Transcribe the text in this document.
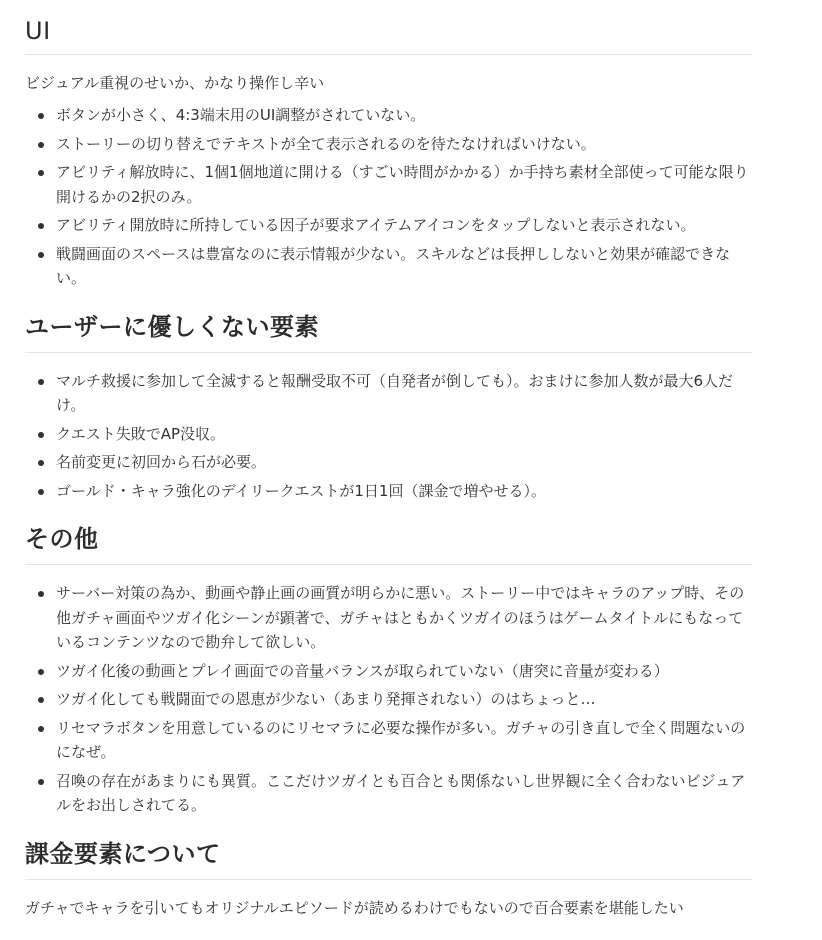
UI

ビジュアル重視のせいか、かなり操作し辛い

ボタンが小さく、4:3端末用のUI調整がされていない。
ストーリーの切り替えでテキストが全て表示されるのを待たなければいけない。
アビリティ解放時に、1個1個地道に開ける（すごい時間がかかる）か手持ち素材全部使って可能な限り開けるかの2択のみ。
アビリティ開放時に所持している因子が要求アイテムアイコンをタップしないと表示されない。
戦闘画面のスペースは豊富なのに表示情報が少ない。スキルなどは長押ししないと効果が確認できない。
ユーザーに優しくない要素
マルチ救援に参加して全滅すると報酬受取不可（自発者が倒しても）。おまけに参加人数が最大6人だけ。
クエスト失敗でAP没収。
名前変更に初回から石が必要。
ゴールド・キャラ強化のデイリークエストが1日1回（課金で増やせる）。
その他
サーバー対策の為か、動画や静止画の画質が明らかに悪い。ストーリー中ではキャラのアップ時、その他ガチャ画面やツガイ化シーンが顕著で、ガチャはともかくツガイのほうはゲームタイトルにもなっているコンテンツなので勘弁して欲しい。
ツガイ化後の動画とプレイ画面での音量バランスが取られていない（唐突に音量が変わる）
ツガイ化しても戦闘面での恩恵が少ない（あまり発揮されない）のはちょっと…
リセマラボタンを用意しているのにリセマラに必要な操作が多い。ガチャの引き直しで全く問題ないのになぜ。
召喚の存在があまりにも異質。ここだけツガイとも百合とも関係ないし世界観に全く合わないビジュアルをお出しされてる。
課金要素について

ガチャでキャラを引いてもオリジナルエピソードが読めるわけでもないので百合要素を堪能したい
